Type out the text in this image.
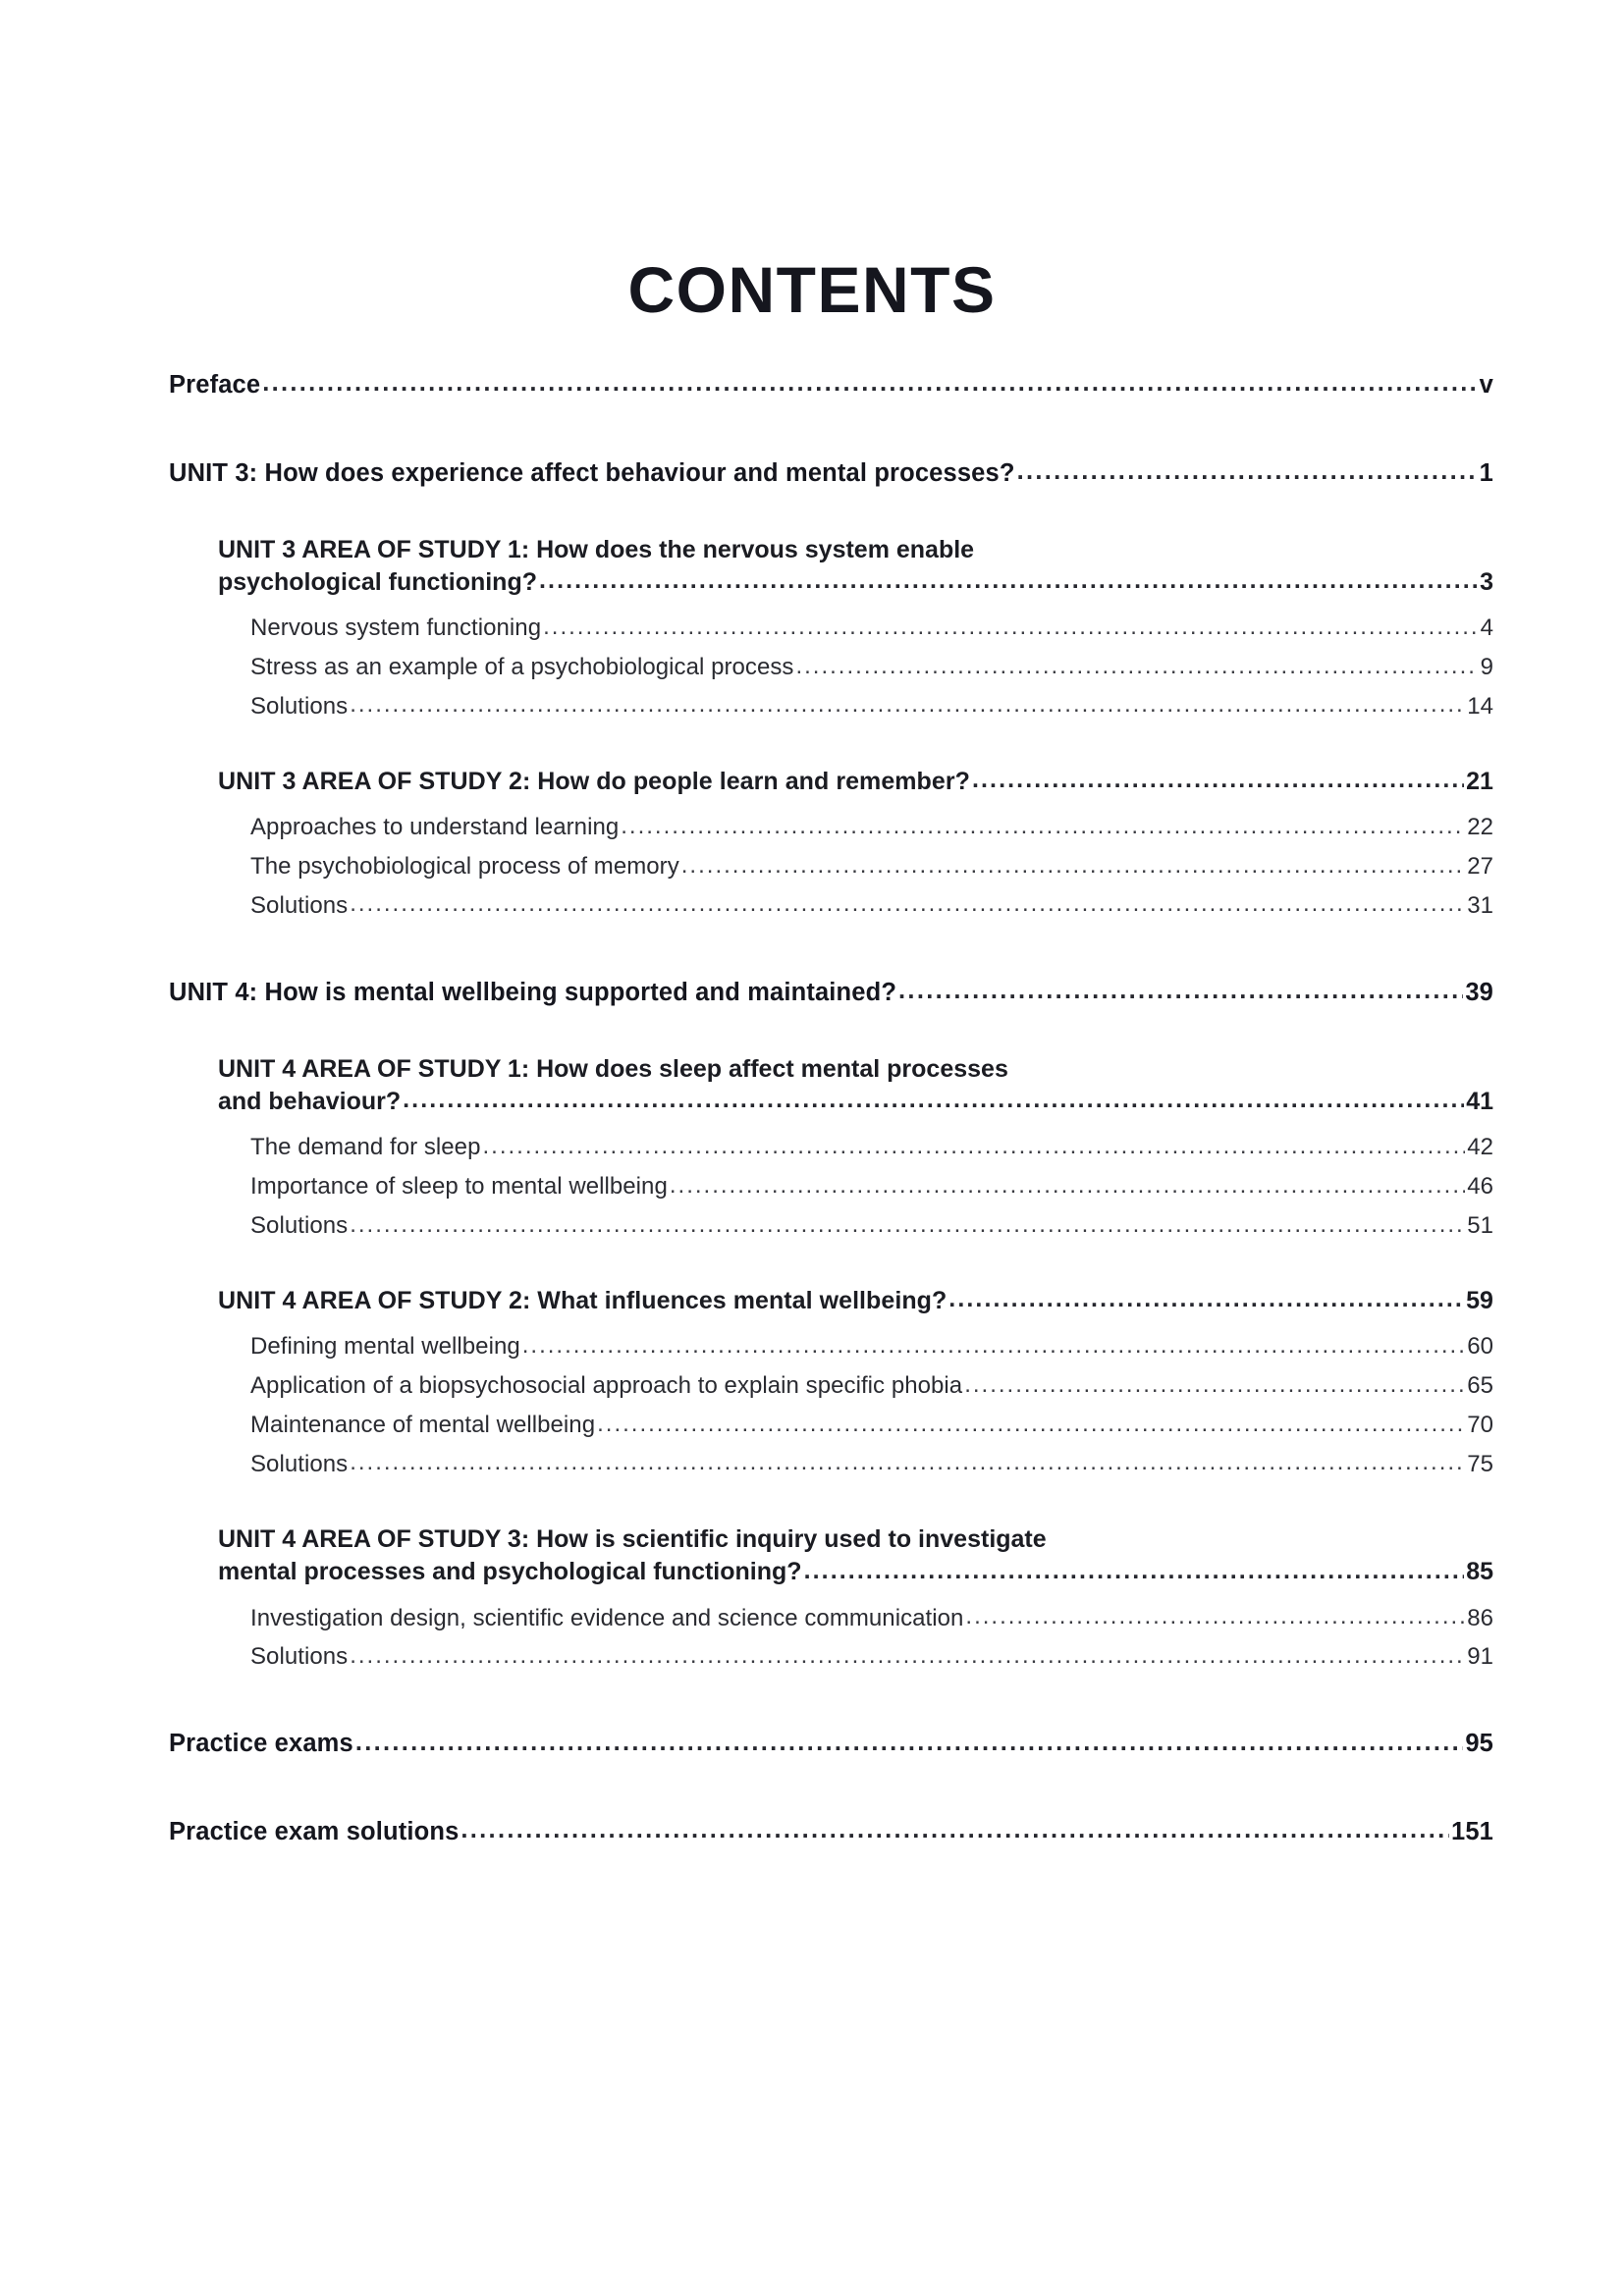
CONTENTS
Preface .....	v
UNIT 3: How does experience affect behaviour and mental processes? .....	1
UNIT 3 AREA OF STUDY 1: How does the nervous system enable
psychological functioning? .....	3
Nervous system functioning .....	4
Stress as an example of a psychobiological process .....	9
Solutions .....	14
UNIT 3 AREA OF STUDY 2: How do people learn and remember? .....	21
Approaches to understand learning .....	22
The psychobiological process of memory .....	27
Solutions .....	31
UNIT 4: How is mental wellbeing supported and maintained? .....	39
UNIT 4 AREA OF STUDY 1: How does sleep affect mental processes
and behaviour? .....	41
The demand for sleep .....	42
Importance of sleep to mental wellbeing .....	46
Solutions .....	51
UNIT 4 AREA OF STUDY 2: What influences mental wellbeing? .....	59
Defining mental wellbeing .....	60
Application of a biopsychosocial approach to explain specific phobia .....	65
Maintenance of mental wellbeing .....	70
Solutions .....	75
UNIT 4 AREA OF STUDY 3: How is scientific inquiry used to investigate
mental processes and psychological functioning? .....	85
Investigation design, scientific evidence and science communication .....	86
Solutions .....	91
Practice exams .....	95
Practice exam solutions .....	151
